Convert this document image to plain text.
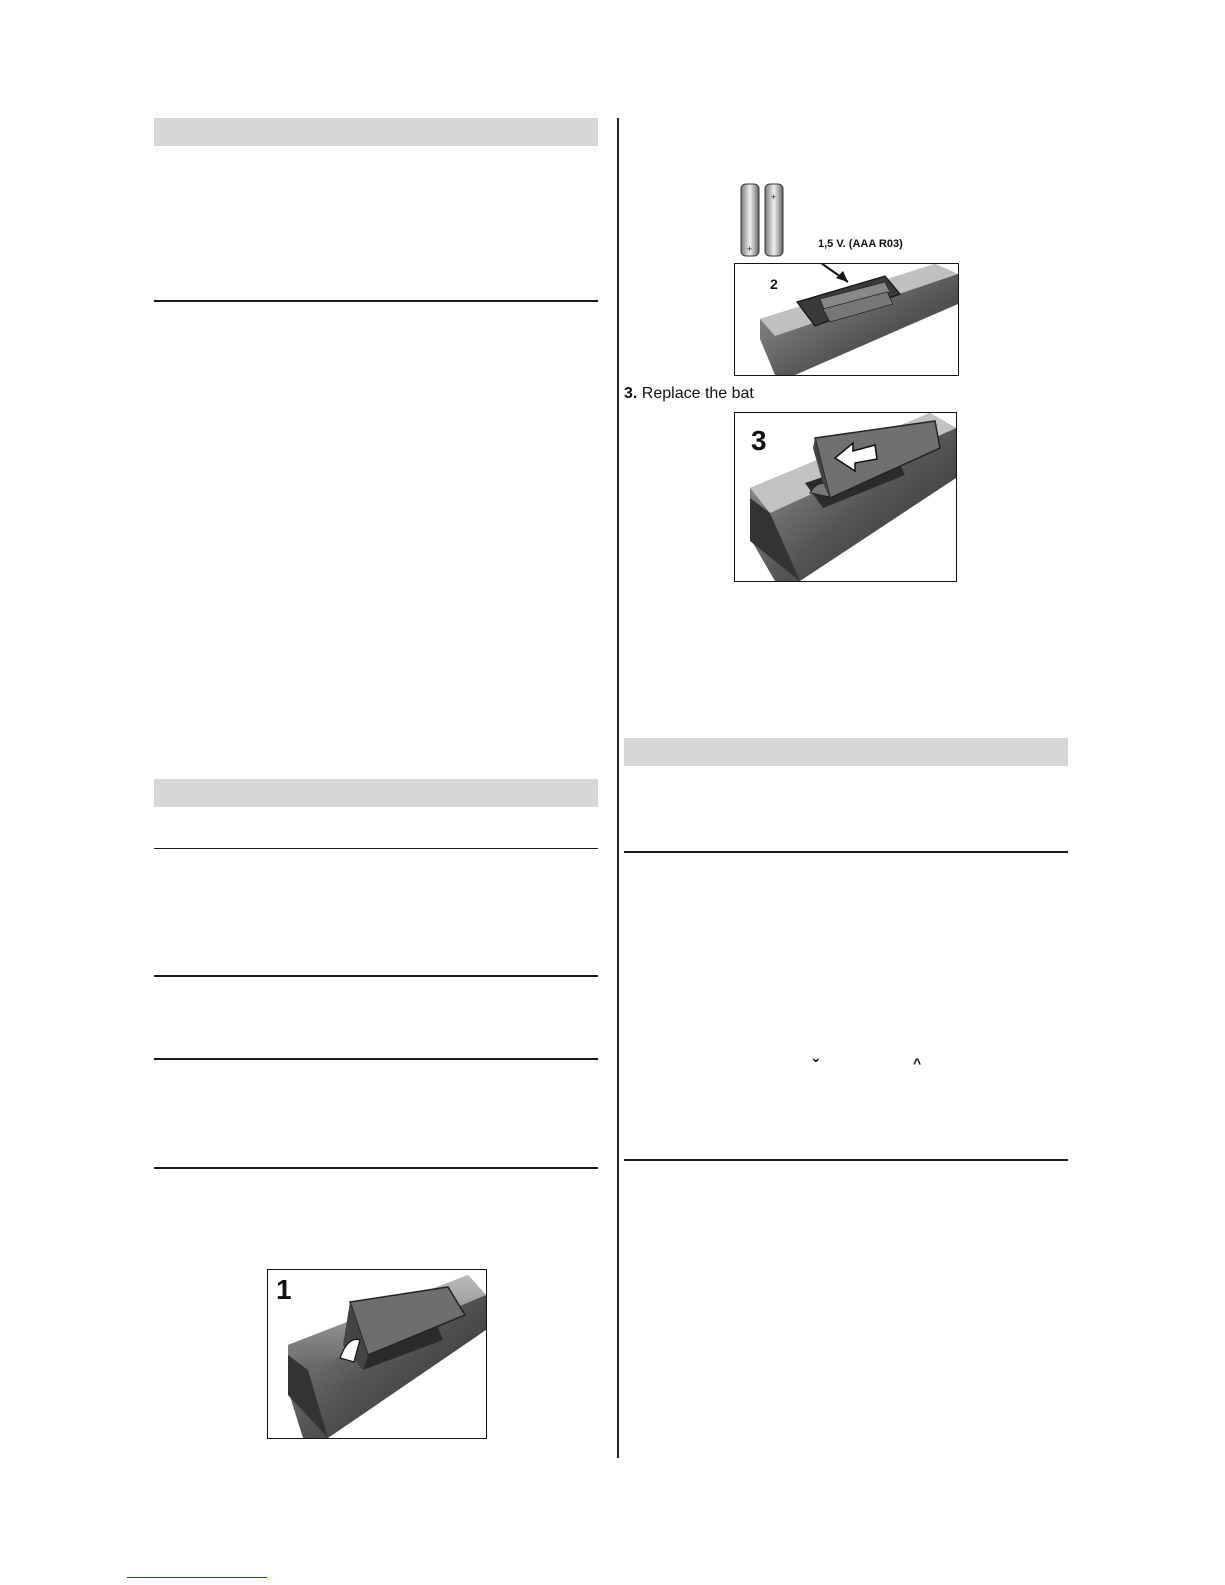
1
+
+
1,5 V. (AAA R03)
2
3. Replace the bat
3
⌄	^
